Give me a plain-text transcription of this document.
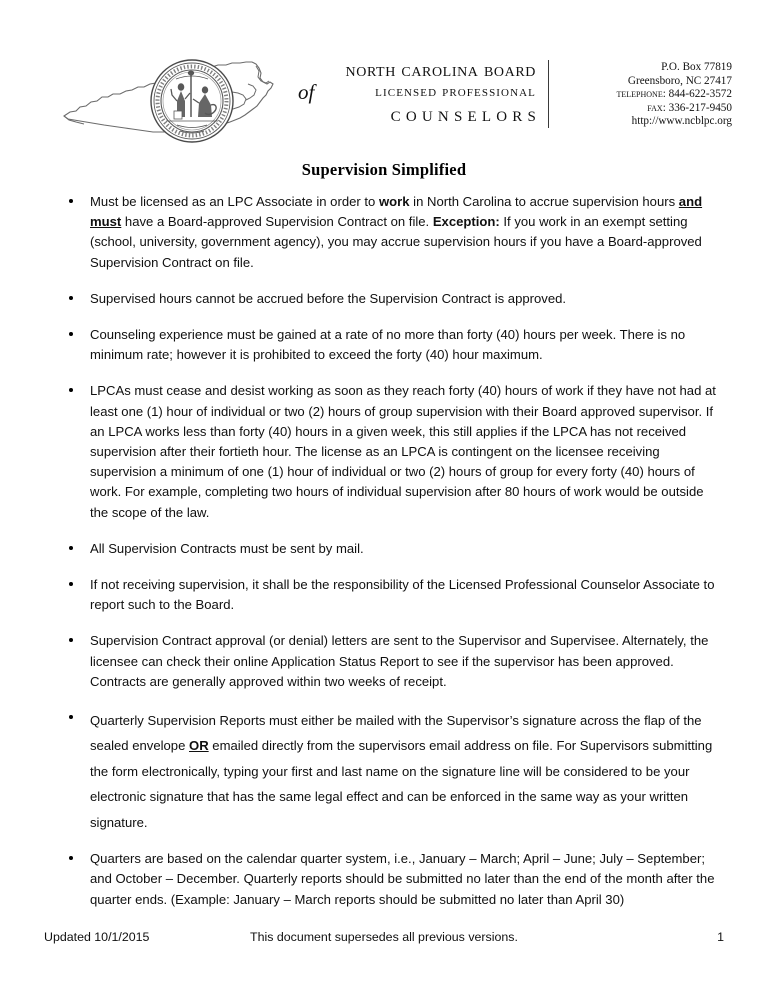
of
north carolina board
licensed professional
counselors
P.O. Box 77819
Greensboro, NC 27417
telephone: 844-622-3572
fax: 336-217-9450
http://www.ncblpc.org
Supervision Simplified
Must be licensed as an LPC Associate in order to work in North Carolina to accrue supervision hours and must have a Board-approved Supervision Contract on file. Exception: If you work in an exempt setting (school, university, government agency), you may accrue supervision hours if you have a Board-approved Supervision Contract on file.
Supervised hours cannot be accrued before the Supervision Contract is approved.
Counseling experience must be gained at a rate of no more than forty (40) hours per week. There is no minimum rate; however it is prohibited to exceed the forty (40) hour maximum.
LPCAs must cease and desist working as soon as they reach forty (40) hours of work if they have not had at least one (1) hour of individual or two (2) hours of group supervision with their Board approved supervisor. If an LPCA works less than forty (40) hours in a given week, this still applies if the LPCA has not received supervision after their fortieth hour. The license as an LPCA is contingent on the licensee receiving supervision a minimum of one (1) hour of individual or two (2) hours of group for every forty (40) hours of work. For example, completing two hours of individual supervision after 80 hours of work would be outside the scope of the law.
All Supervision Contracts must be sent by mail.
If not receiving supervision, it shall be the responsibility of the Licensed Professional Counselor Associate to report such to the Board.
Supervision Contract approval (or denial) letters are sent to the Supervisor and Supervisee. Alternately, the licensee can check their online Application Status Report to see if the supervisor has been approved. Contracts are generally approved within two weeks of receipt.
Quarterly Supervision Reports must either be mailed with the Supervisor’s signature across the flap of the sealed envelope OR emailed directly from the supervisors email address on file. For Supervisors submitting the form electronically, typing your first and last name on the signature line will be considered to be your electronic signature that has the same legal effect and can be enforced in the same way as your written signature.
Quarters are based on the calendar quarter system, i.e., January – March; April – June; July – September; and October – December. Quarterly reports should be submitted no later than the end of the month after the quarter ends. (Example: January – March reports should be submitted no later than April 30)
Updated 10/1/2015	This document supersedes all previous versions.	1
